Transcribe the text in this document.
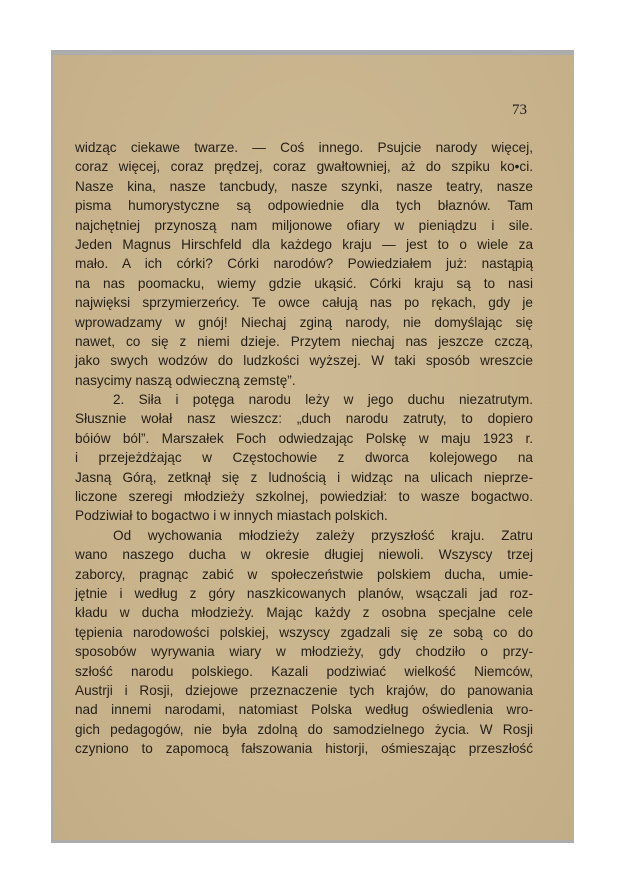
73
widząc ciekawe twarze. — Coś innego. Psujcie narody więcej,
coraz więcej, coraz prędzej, coraz gwałtowniej, aż do szpiku ko•ci.
Nasze kina, nasze tancbudy, nasze szynki, nasze teatry, nasze
pisma humorystyczne są odpowiednie dla tych błaznów. Tam
najchętniej przynoszą nam miljonowe ofiary w pieniądzu i sile.
Jeden Magnus Hirschfeld dla każdego kraju — jest to o wiele za
mało. A ich córki? Córki narodów? Powiedziałem już: nastąpią
na nas poomacku, wiemy gdzie ukąsić. Córki kraju są to nasi
najwięksi sprzymierzeńcy. Te owce całują nas po rękach, gdy je
wprowadzamy w gnój! Niechaj zginą narody, nie domyślając się
nawet, co się z niemi dzieje. Przytem niechaj nas jeszcze czczą,
jako swych wodzów do ludzkości wyższej. W taki sposób wreszcie
nasycimy naszą odwieczną zemstę”.
2. Siła i potęga narodu leży w jego duchu niezatrutym.
Słusznie wołał nasz wieszcz: „duch narodu zatruty, to dopiero
bóiów ból”. Marszałek Foch odwiedzając Polskę w maju 1923 r.
i przejeżdżając w Częstochowie z dworca kolejowego na
Jasną Górą, zetknął się z ludnością i widząc na ulicach nieprze-
liczone szeregi młodzieży szkolnej, powiedział: to wasze bogactwo.
Podziwiał to bogactwo i w innych miastach polskich.
Od wychowania młodzieży zależy przyszłość kraju. Zatru
wano naszego ducha w okresie długiej niewoli. Wszyscy trzej
zaborcy, pragnąc zabić w społeczeństwie polskiem ducha, umie-
jętnie i według z góry naszkicowanych planów, wsączali jad roz-
kładu w ducha młodzieży. Mając każdy z osobna specjalne cele
tępienia narodowości polskiej, wszyscy zgadzali się ze sobą co do
sposobów wyrywania wiary w młodzieży, gdy chodziło o przy-
szłość narodu polskiego. Kazali podziwiać wielkość Niemców,
Austrji i Rosji, dziejowe przeznaczenie tych krajów, do panowania
nad innemi narodami, natomiast Polska według oświedlenia wro-
gich pedagogów, nie była zdolną do samodzielnego życia. W Rosji
czyniono to zapomocą fałszowania historji, ośmieszając przeszłość
